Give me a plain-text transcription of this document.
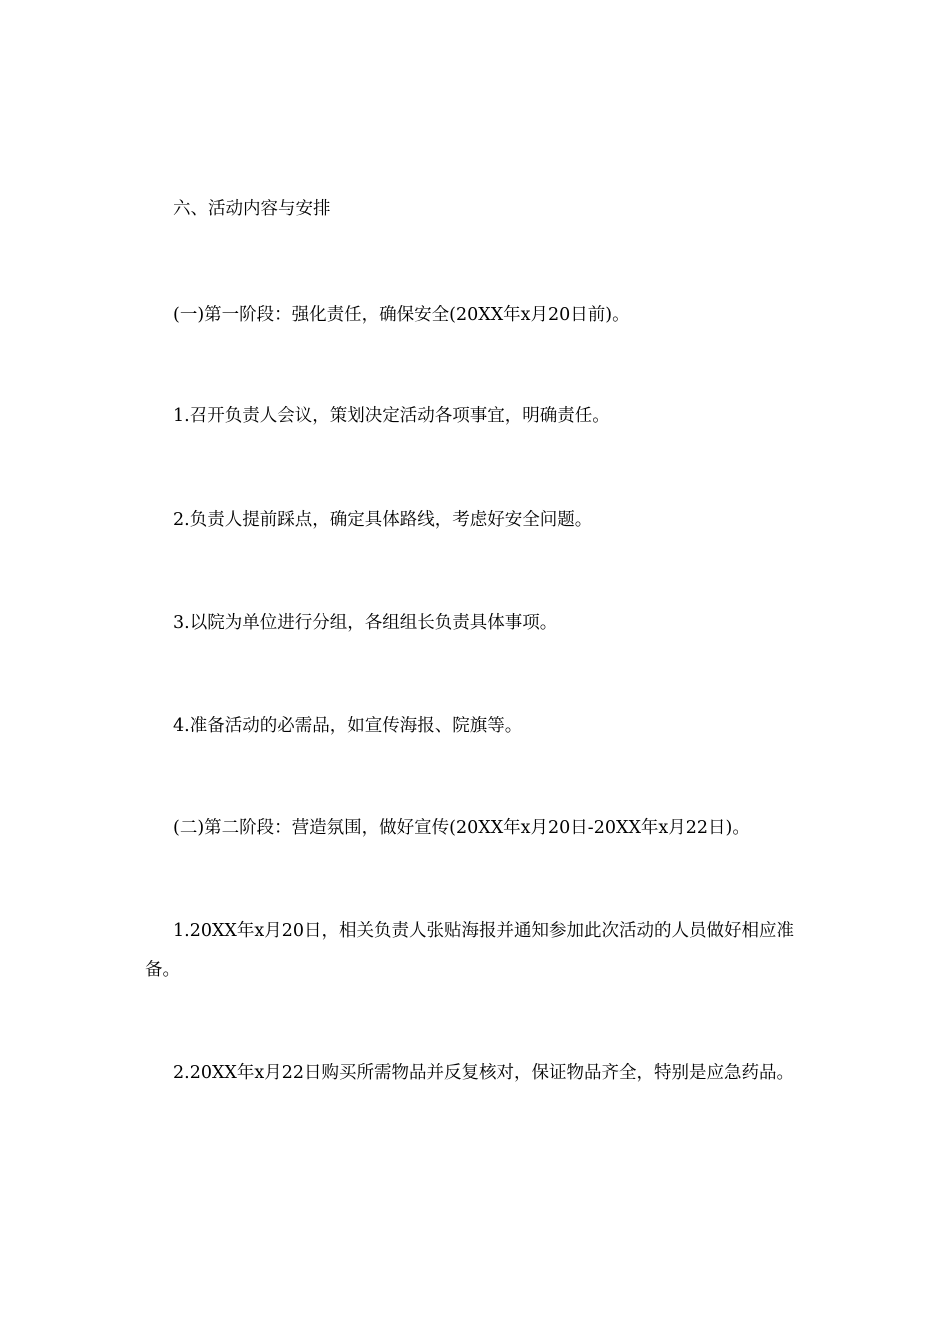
六、活动内容与安排

(一)第一阶段：强化责任，确保安全(20XX年x月20日前)。

1.召开负责人会议，策划决定活动各项事宜，明确责任。

2.负责人提前踩点，确定具体路线，考虑好安全问题。

3.以院为单位进行分组，各组组长负责具体事项。

4.准备活动的必需品，如宣传海报、院旗等。

(二)第二阶段：营造氛围，做好宣传(20XX年x月20日-20XX年x月22日)。

1.20XX年x月20日，相关负责人张贴海报并通知参加此次活动的人员做好相应准备。

2.20XX年x月22日购买所需物品并反复核对，保证物品齐全，特别是应急药品。
